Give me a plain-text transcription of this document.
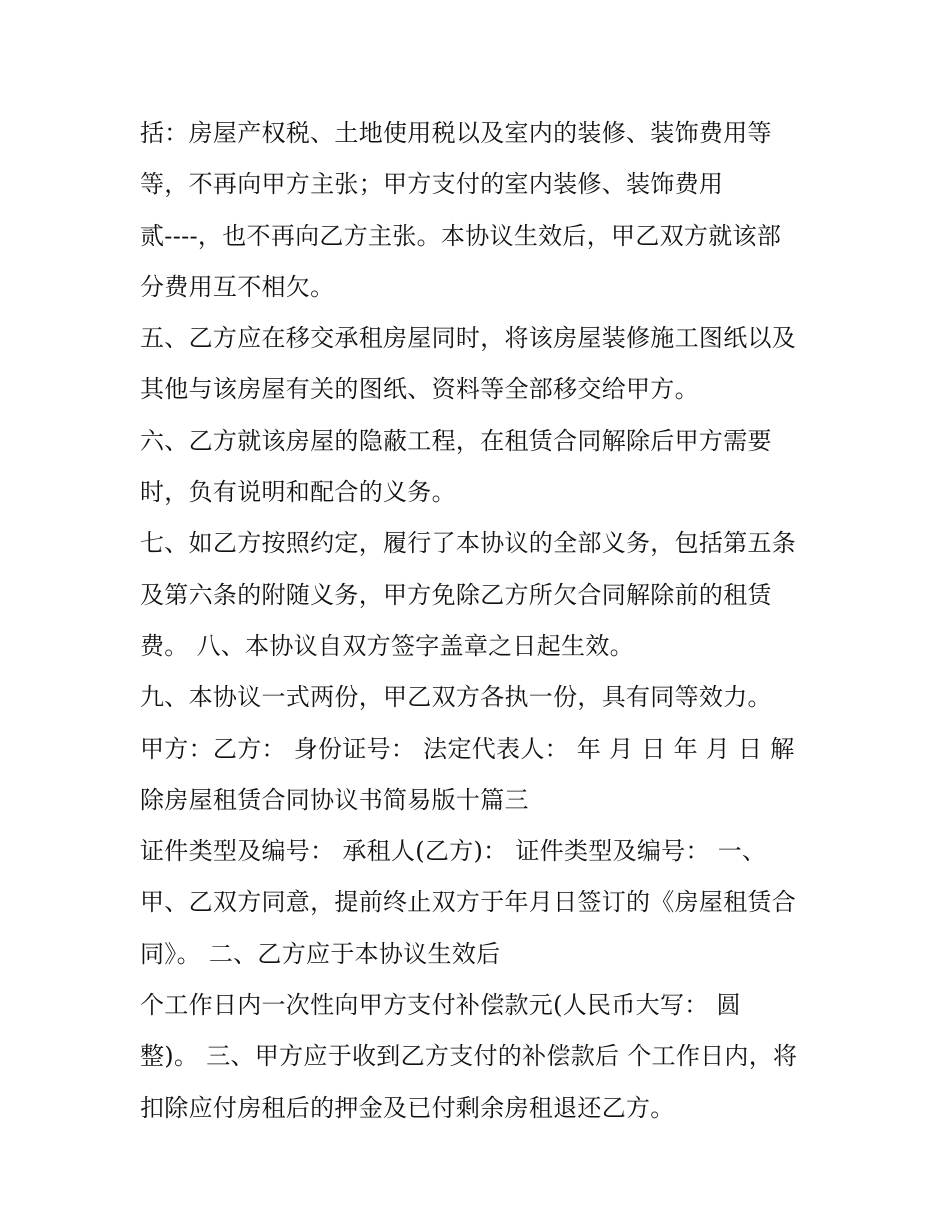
括：房屋产权税、土地使用税以及室内的装修、装饰费用等
等，不再向甲方主张；甲方支付的室内装修、装饰费用
贰----，也不再向乙方主张。本协议生效后，甲乙双方就该部
分费用互不相欠。
五、乙方应在移交承租房屋同时，将该房屋装修施工图纸以及
其他与该房屋有关的图纸、资料等全部移交给甲方。
六、乙方就该房屋的隐蔽工程，在租赁合同解除后甲方需要
时，负有说明和配合的义务。
七、如乙方按照约定，履行了本协议的全部义务，包括第五条
及第六条的附随义务，甲方免除乙方所欠合同解除前的租赁
费。 八、本协议自双方签字盖章之日起生效。
九、本协议一式两份，甲乙双方各执一份，具有同等效力。
甲方：乙方： 身份证号： 法定代表人： 年 月 日 年 月 日 解
除房屋租赁合同协议书简易版十篇三
证件类型及编号： 承租人(乙方)： 证件类型及编号： 一、
甲、乙双方同意，提前终止双方于年月日签订的《房屋租赁合
同》。 二、乙方应于本协议生效后
个工作日内一次性向甲方支付补偿款元(人民币大写： 圆
整)。 三、甲方应于收到乙方支付的补偿款后 个工作日内，将
扣除应付房租后的押金及已付剩余房租退还乙方。
